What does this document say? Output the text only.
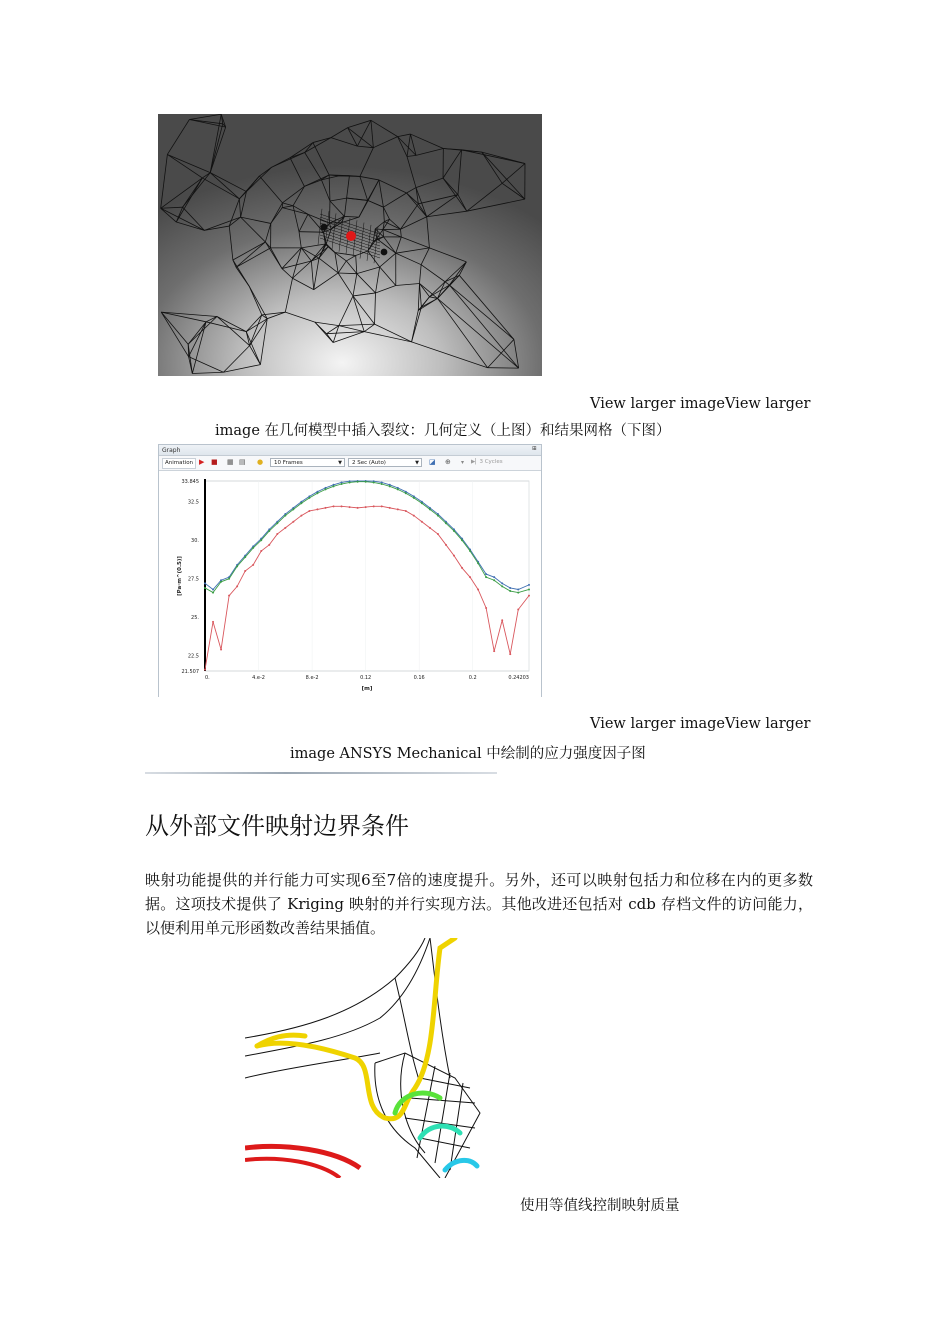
View larger imageView larger
image 在几何模型中插入裂纹：几何定义（上图）和结果网格（下图）
Graph	⊞
Animation ▶ ■ ▦ ▤ ●	10 Frames	▼	2 Sec (Auto)	▼ ◪ ⊕ ▾ ▶▏3 Cycles
0.	4.e-2	8.e-2	0.12	0.16	0.2	0.24203
21.507
22.5
25.
27.5
30.
32.5
33.845
[m]
[Pa·m^(0.5)]
View larger imageView larger
image ANSYS Mechanical 中绘制的应力强度因子图
从外部文件映射边界条件
映射功能提供的并行能力可实现6至7倍的速度提升。另外，还可以映射包括力和位移在内的更多数据。这项技术提供了 Kriging 映射的并行实现方法。其他改进还包括对 cdb 存档文件的访问能力，以便利用单元形函数改善结果插值。
使用等值线控制映射质量
